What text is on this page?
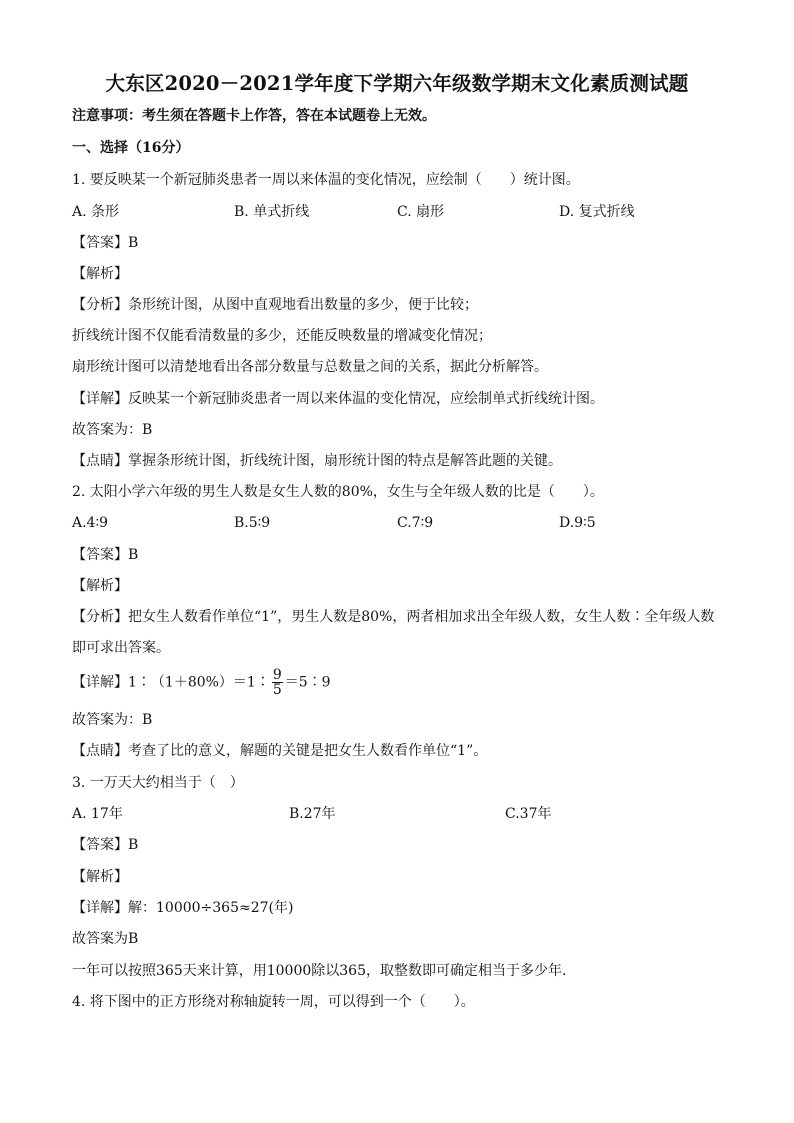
大东区2020－2021学年度下学期六年级数学期末文化素质测试题
注意事项：考生须在答题卡上作答，答在本试题卷上无效。
一、选择（16分）
1. 要反映某一个新冠肺炎患者一周以来体温的变化情况，应绘制（　　）统计图。
A. 条形	B. 单式折线	C. 扇形	D. 复式折线
【答案】B
【解析】
【分析】条形统计图，从图中直观地看出数量的多少，便于比较；
折线统计图不仅能看清数量的多少，还能反映数量的增减变化情况；
扇形统计图可以清楚地看出各部分数量与总数量之间的关系，据此分析解答。
【详解】反映某一个新冠肺炎患者一周以来体温的变化情况，应绘制单式折线统计图。
故答案为：B
【点睛】掌握条形统计图，折线统计图，扇形统计图的特点是解答此题的关键。
2. 太阳小学六年级的男生人数是女生人数的80%，女生与全年级人数的比是（　　）。
A.4∶9	B.5∶9	C.7∶9	D.9∶5
【答案】B
【解析】
【分析】把女生人数看作单位“1”，男生人数是80%，两者相加求出全年级人数，女生人数∶全年级人数
即可求出答案。
【详解】1∶（1＋80%）＝1∶ $\frac{9}{5}$ ＝5∶9
故答案为：B
【点睛】考查了比的意义，解题的关键是把女生人数看作单位“1”。
3. 一万天大约相当于（　）
A. 17年	B.27年	C.37年
【答案】B
【解析】
【详解】解：10000÷365≈27(年)
故答案为B
一年可以按照365天来计算，用10000除以365，取整数即可确定相当于多少年.
4. 将下图中的正方形绕对称轴旋转一周，可以得到一个（　　）。
